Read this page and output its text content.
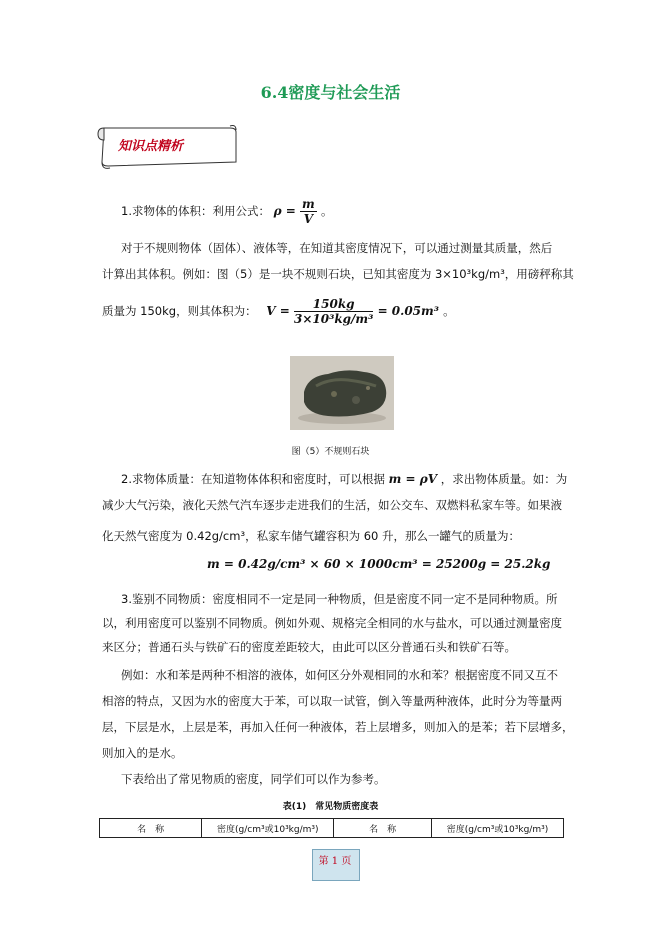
6.4密度与社会生活
知识点精析
1.求物体的体积：利用公式： $\rho = \frac{m}{V}$ 。
对于不规则物体（固体）、液体等，在知道其密度情况下，可以通过测量其质量，然后
计算出其体积。例如：图（5）是一块不规则石块，已知其密度为 3×10³kg/m³，用磅秤称其
质量为 150kg，则其体积为： $V = \frac{150kg}{\text{3×10³kg/m³}} = 0.05m^3$ 。
图（5）不规则石块
2.求物体质量：在知道物体体积和密度时，可以根据 m = ρV ，求出物体质量。如：为
减少大气污染，液化天然气汽车逐步走进我们的生活，如公交车、双燃料私家车等。如果液
化天然气密度为 0.42g/cm³，私家车储气罐容积为 60 升，那么一罐气的质量为：
m = 0.42g/cm³ × 60 × 1000cm³ = 25200g = 25.2kg
3.鉴别不同物质：密度相同不一定是同一种物质，但是密度不同一定不是同种物质。所
以，利用密度可以鉴别不同物质。例如外观、规格完全相同的水与盐水，可以通过测量密度
来区分；普通石头与铁矿石的密度差距较大，由此可以区分普通石头和铁矿石等。
例如：水和苯是两种不相溶的液体，如何区分外观相同的水和苯？根据密度不同又互不
相溶的特点，又因为水的密度大于苯，可以取一试管，倒入等量两种液体，此时分为等量两
层，下层是水，上层是苯，再加入任何一种液体，若上层增多，则加入的是苯；若下层增多，
则加入的是水。
下表给出了常见物质的密度，同学们可以作为参考。
表(1)　常见物质密度表
名　称	密度(g/cm³或10³kg/m³)	名　称	密度(g/cm³或10³kg/m³)
第 1 页
